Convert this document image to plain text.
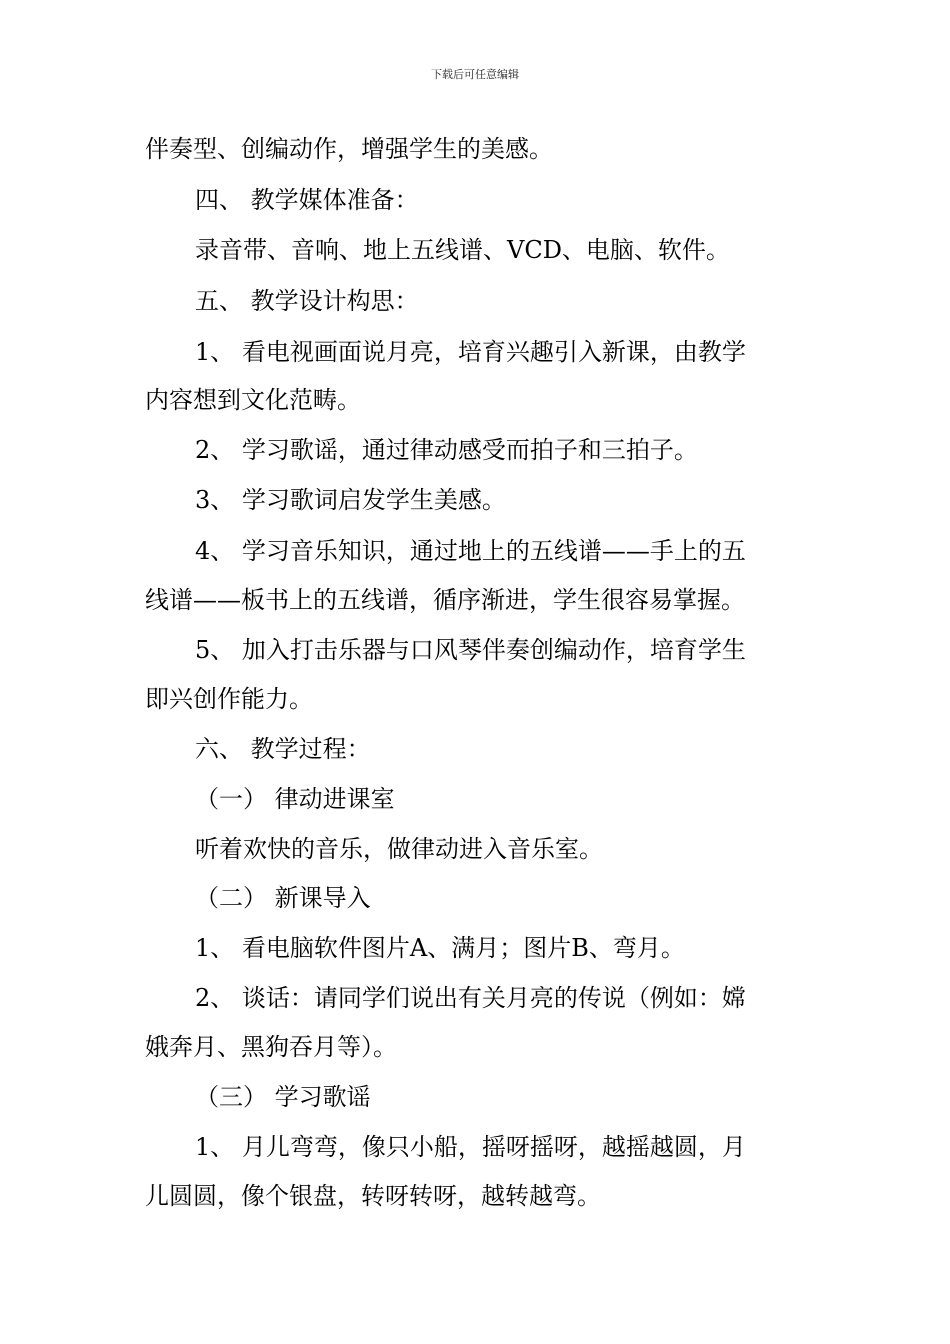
下载后可任意编辑
伴奏型、创编动作，增强学生的美感。
四、 教学媒体准备：
录音带、音响、地上五线谱、VCD、电脑、软件。
五、 教学设计构思：
1、 看电视画面说月亮，培育兴趣引入新课，由教学
内容想到文化范畴。
2、 学习歌谣，通过律动感受而拍子和三拍子。
3、 学习歌词启发学生美感。
4、 学习音乐知识，通过地上的五线谱——手上的五
线谱——板书上的五线谱，循序渐进，学生很容易掌握。
5、 加入打击乐器与口风琴伴奏创编动作，培育学生
即兴创作能力。
六、 教学过程：
（一） 律动进课室
听着欢快的音乐，做律动进入音乐室。
（二） 新课导入
1、 看电脑软件图片A、满月；图片B、弯月。
2、 谈话：请同学们说出有关月亮的传说（例如：嫦
娥奔月、黑狗吞月等）。
（三） 学习歌谣
1、 月儿弯弯，像只小船，摇呀摇呀，越摇越圆，月
儿圆圆，像个银盘，转呀转呀，越转越弯。
